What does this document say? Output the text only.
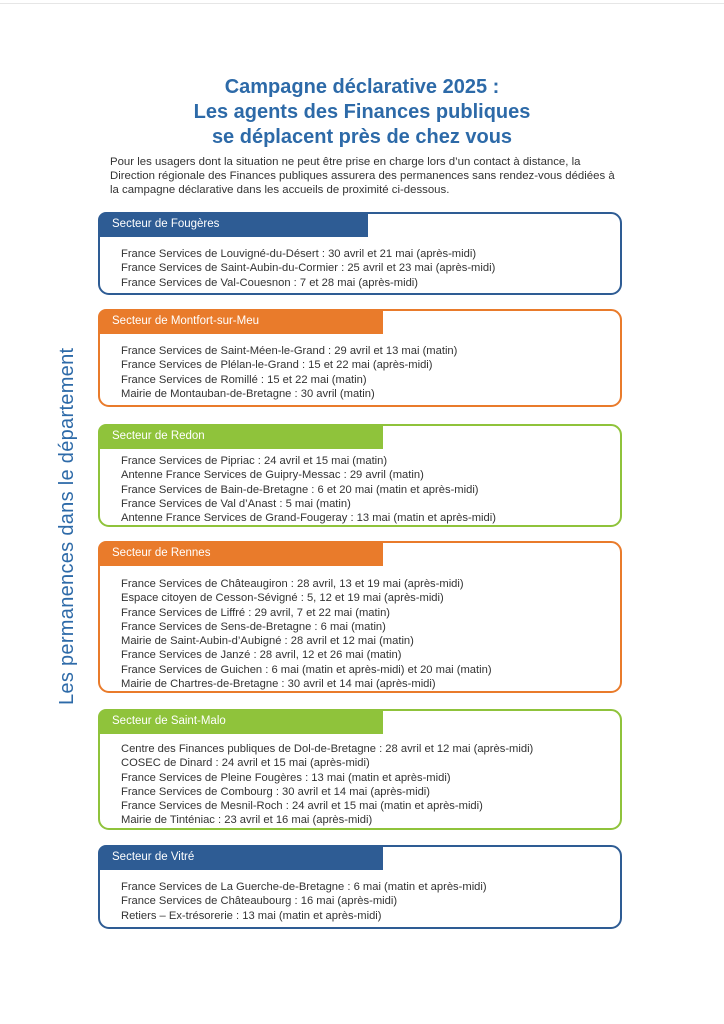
Campagne déclarative 2025 :
Les agents des Finances publiques
se déplacent près de chez vous
Pour les usagers dont la situation ne peut être prise en charge lors d’un contact à distance, la Direction régionale des Finances publiques assurera des permanences sans rendez-vous dédiées à la campagne déclarative dans les accueils de proximité ci-dessous.
Les permanences dans le département
Secteur de Fougères
France Services de Louvigné-du-Désert : 30 avril et 21 mai (après-midi)
France Services de Saint-Aubin-du-Cormier : 25 avril et 23 mai (après-midi)
France Services de Val-Couesnon : 7 et 28 mai (après-midi)
Secteur de Montfort-sur-Meu
France Services de Saint-Méen-le-Grand : 29 avril et 13 mai (matin)
France Services de Plélan-le-Grand : 15 et 22 mai (après-midi)
France Services de Romillé : 15 et 22 mai (matin)
Mairie de Montauban-de-Bretagne : 30 avril (matin)
Secteur de Redon
France Services de Pipriac : 24 avril et 15 mai (matin)
Antenne France Services de Guipry-Messac : 29 avril (matin)
France Services de Bain-de-Bretagne : 6 et 20 mai (matin et après-midi)
France Services de Val d’Anast : 5 mai (matin)
Antenne France Services de Grand-Fougeray : 13 mai (matin et après-midi)
Secteur de Rennes
France Services de Châteaugiron : 28 avril, 13 et 19 mai (après-midi)
Espace citoyen de Cesson-Sévigné : 5, 12 et 19 mai (après-midi)
France Services de Liffré : 29 avril, 7 et 22 mai (matin)
France Services de Sens-de-Bretagne : 6 mai (matin)
Mairie de Saint-Aubin-d’Aubigné : 28 avril et 12 mai (matin)
France Services de Janzé : 28 avril, 12 et 26 mai (matin)
France Services de Guichen : 6 mai (matin et après-midi) et 20 mai (matin)
Mairie de Chartres-de-Bretagne : 30 avril et 14 mai (après-midi)
Secteur de Saint-Malo
Centre des Finances publiques de Dol-de-Bretagne : 28 avril et 12 mai (après-midi)
COSEC de Dinard : 24 avril et 15 mai (après-midi)
France Services de Pleine Fougères : 13 mai (matin et après-midi)
France Services de Combourg : 30 avril et 14 mai (après-midi)
France Services de Mesnil-Roch : 24 avril et 15 mai (matin et après-midi)
Mairie de Tinténiac : 23 avril et 16 mai (après-midi)
Secteur de Vitré
France Services de La Guerche-de-Bretagne : 6 mai (matin et après-midi)
France Services de Châteaubourg : 16 mai (après-midi)
Retiers – Ex-trésorerie : 13 mai (matin et après-midi)
